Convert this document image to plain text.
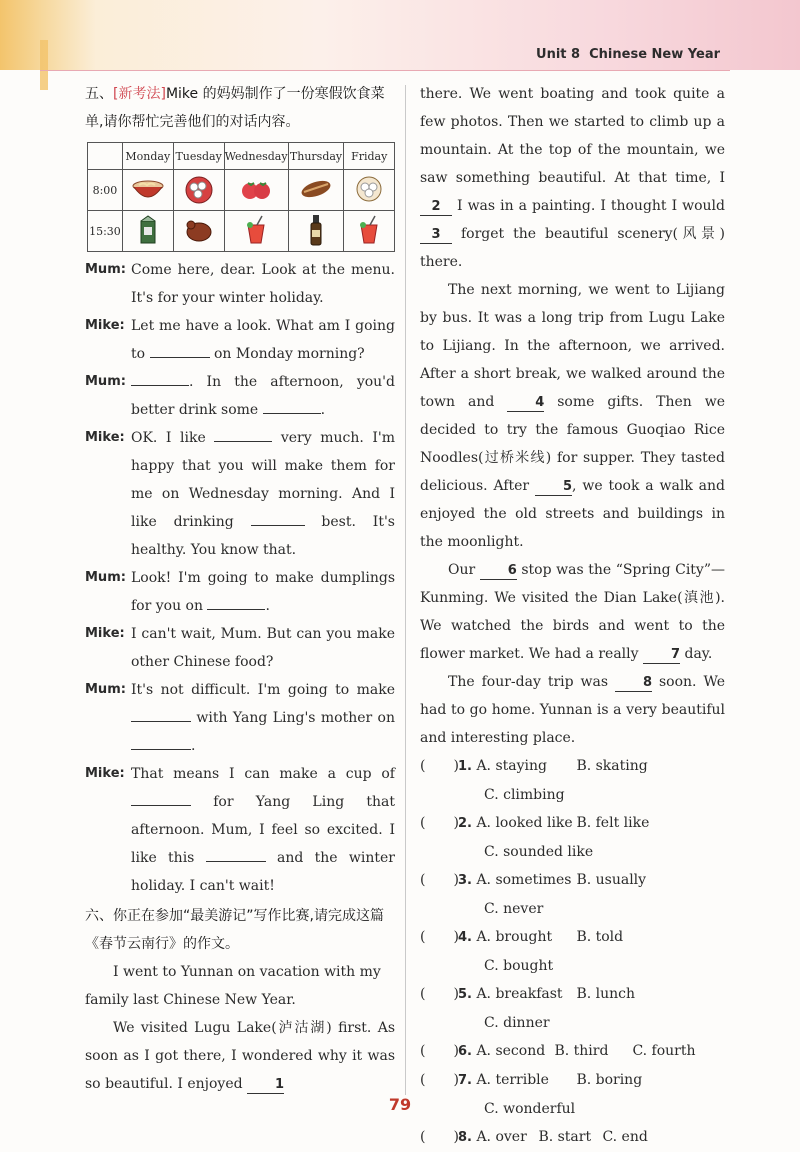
Unit 8 Chinese New Year
五、[新考法]Mike 的妈妈制作了一份寒假饮食菜单,请你帮忙完善他们的对话内容。
	Monday	Tuesday	Wednesday	Thursday	Friday
8:00					
15:30					
Mum: Come here, dear. Look at the menu. It's for your winter holiday.
Mike: Let me have a look. What am I going to	on Monday morning?
Mum:	. In the afternoon, you'd better drink some	.
Mike: OK. I like	very much. I'm happy that you will make them for me on Wednesday morning. And I like drinking	best. It's healthy. You know that.
Mum: Look! I'm going to make dumplings for you on	.
Mike: I can't wait, Mum. But can you make other Chinese food?
Mum: It's not difficult. I'm going to make  with Yang Ling's mother on .
Mike: That means I can make a cup of  for Yang Ling that afternoon. Mum, I feel so excited. I like this	and the winter holiday. I can't wait!
六、你正在参加“最美游记”写作比赛,请完成这篇《春节云南行》的作文。
I went to Yunnan on vacation with my family last Chinese New Year.
We visited Lugu Lake(泸沽湖) first. As soon as I got there, I wondered why it was so beautiful. I enjoyed 1
there. We went boating and took quite a few photos. Then we started to climb up a mountain. At the top of the mountain, we saw something beautiful. At that time, I 2 I was in a painting. I thought I would 3 forget the beautiful scenery(风景) there.
The next morning, we went to Lijiang by bus. It was a long trip from Lugu Lake to Lijiang. In the afternoon, we arrived. After a short break, we walked around the town and 4 some gifts. Then we decided to try the famous Guoqiao Rice Noodles(过桥米线) for supper. They tasted delicious. After 5, we took a walk and enjoyed the old streets and buildings in the moonlight.
Our 6 stop was the “Spring City”—Kunming. We visited the Dian Lake(滇池). We watched the birds and went to the flower market. We had a really 7 day.
The four-day trip was 8 soon. We had to go home. Yunnan is a very beautiful and interesting place.
(　　) 1. A. staying B. skating
C. climbing
(　　) 2. A. looked like B. felt like
C. sounded like
(　　) 3. A. sometimes B. usually
C. never
(　　) 4. A. brought B. told
C. bought
(　　) 5. A. breakfast B. lunch
C. dinner
(　　) 6. A. second B. third C. fourth
(　　) 7. A. terrible B. boring
C. wonderful
(　　) 8. A. over B. start C. end
79
